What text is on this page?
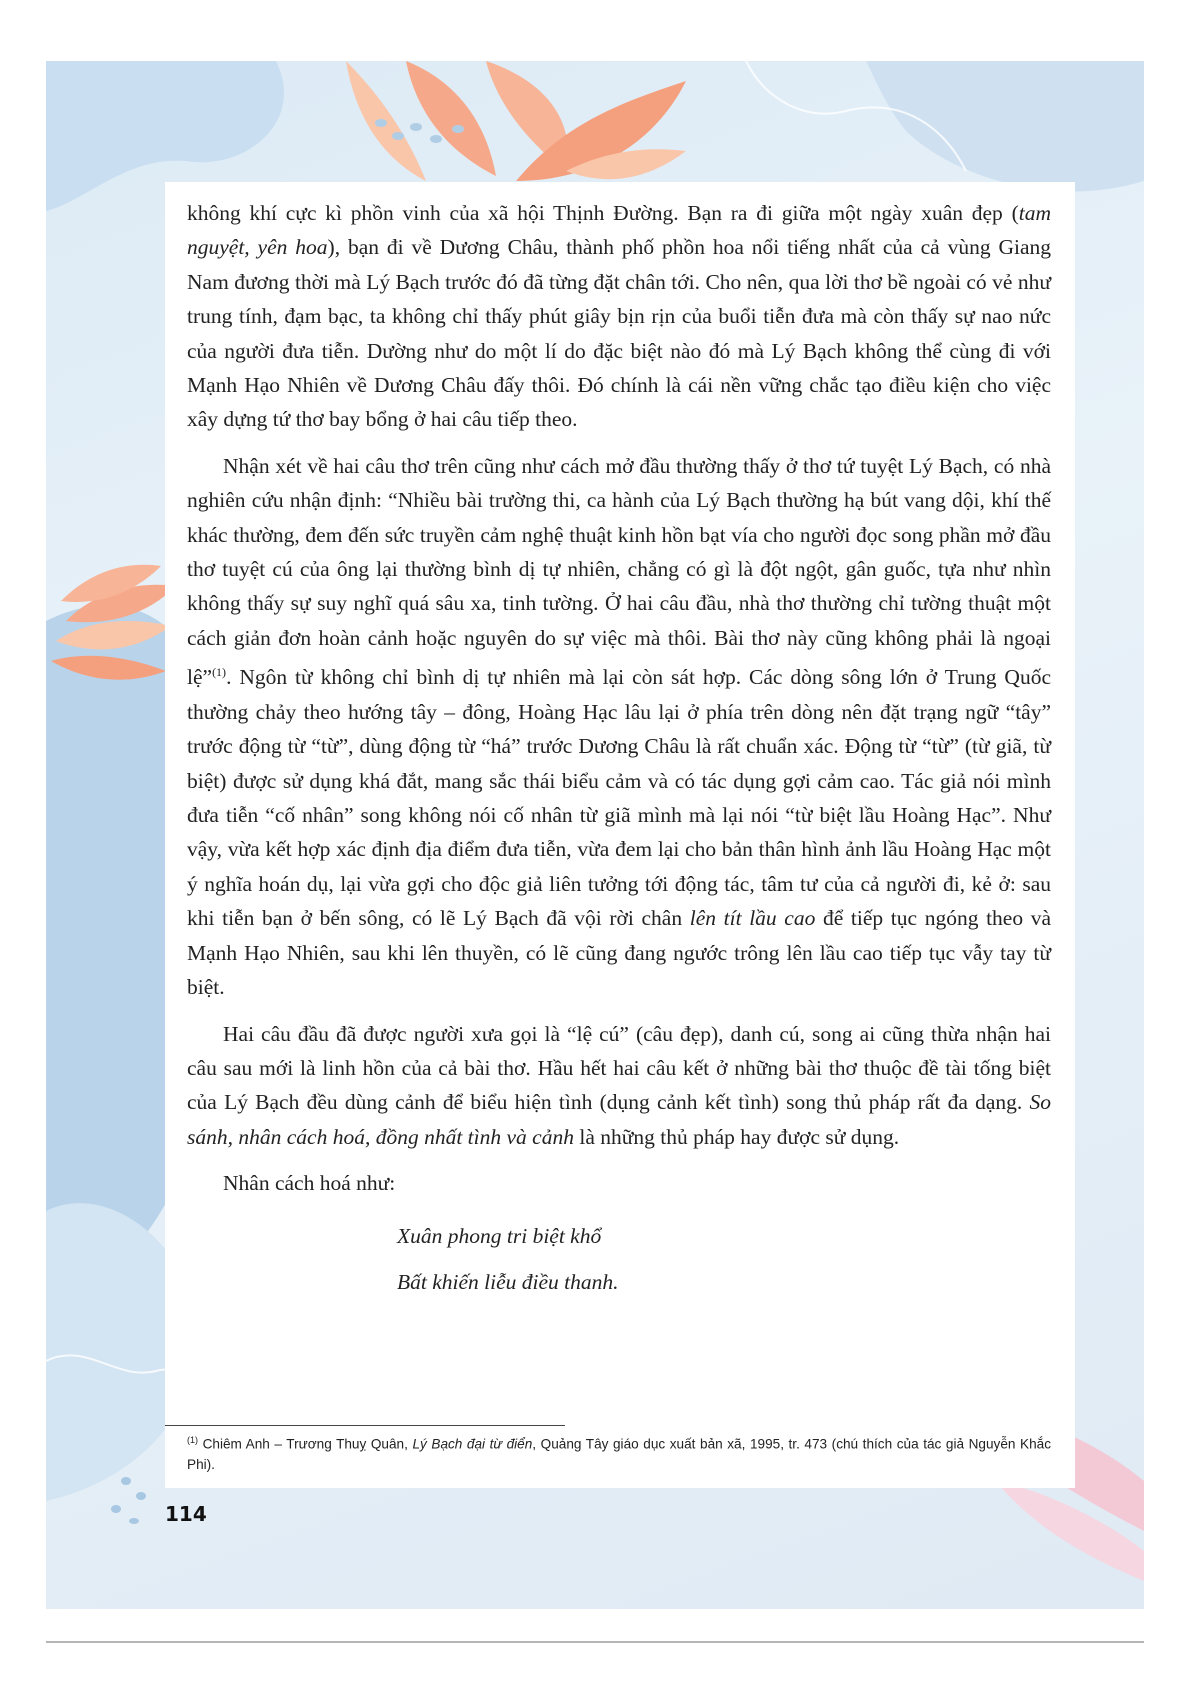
không khí cực kì phồn vinh của xã hội Thịnh Đường. Bạn ra đi giữa một ngày xuân đẹp (tam nguyệt, yên hoa), bạn đi về Dương Châu, thành phố phồn hoa nổi tiếng nhất của cả vùng Giang Nam đương thời mà Lý Bạch trước đó đã từng đặt chân tới. Cho nên, qua lời thơ bề ngoài có vẻ như trung tính, đạm bạc, ta không chỉ thấy phút giây bịn rịn của buổi tiễn đưa mà còn thấy sự nao nức của người đưa tiễn. Dường như do một lí do đặc biệt nào đó mà Lý Bạch không thể cùng đi với Mạnh Hạo Nhiên về Dương Châu đấy thôi. Đó chính là cái nền vững chắc tạo điều kiện cho việc xây dựng tứ thơ bay bổng ở hai câu tiếp theo.

Nhận xét về hai câu thơ trên cũng như cách mở đầu thường thấy ở thơ tứ tuyệt Lý Bạch, có nhà nghiên cứu nhận định: “Nhiều bài trường thi, ca hành của Lý Bạch thường hạ bút vang dội, khí thế khác thường, đem đến sức truyền cảm nghệ thuật kinh hồn bạt vía cho người đọc song phần mở đầu thơ tuyệt cú của ông lại thường bình dị tự nhiên, chẳng có gì là đột ngột, gân guốc, tựa như nhìn không thấy sự suy nghĩ quá sâu xa, tinh tường. Ở hai câu đầu, nhà thơ thường chỉ tường thuật một cách giản đơn hoàn cảnh hoặc nguyên do sự việc mà thôi. Bài thơ này cũng không phải là ngoại lệ”$^{(1)}$. Ngôn từ không chỉ bình dị tự nhiên mà lại còn sát hợp. Các dòng sông lớn ở Trung Quốc thường chảy theo hướng tây – đông, Hoàng Hạc lâu lại ở phía trên dòng nên đặt trạng ngữ “tây” trước động từ “từ”, dùng động từ “há” trước Dương Châu là rất chuẩn xác. Động từ “từ” (từ giã, từ biệt) được sử dụng khá đắt, mang sắc thái biểu cảm và có tác dụng gợi cảm cao. Tác giả nói mình đưa tiễn “cố nhân” song không nói cố nhân từ giã mình mà lại nói “từ biệt lầu Hoàng Hạc”. Như vậy, vừa kết hợp xác định địa điểm đưa tiễn, vừa đem lại cho bản thân hình ảnh lầu Hoàng Hạc một ý nghĩa hoán dụ, lại vừa gợi cho độc giả liên tưởng tới động tác, tâm tư của cả người đi, kẻ ở: sau khi tiễn bạn ở bến sông, có lẽ Lý Bạch đã vội rời chân lên tít lầu cao để tiếp tục ngóng theo và Mạnh Hạo Nhiên, sau khi lên thuyền, có lẽ cũng đang ngước trông lên lầu cao tiếp tục vẫy tay từ biệt.

Hai câu đầu đã được người xưa gọi là “lệ cú” (câu đẹp), danh cú, song ai cũng thừa nhận hai câu sau mới là linh hồn của cả bài thơ. Hầu hết hai câu kết ở những bài thơ thuộc đề tài tống biệt của Lý Bạch đều dùng cảnh để biểu hiện tình (dụng cảnh kết tình) song thủ pháp rất đa dạng. So sánh, nhân cách hoá, đồng nhất tình và cảnh là những thủ pháp hay được sử dụng.

Nhân cách hoá như:

Xuân phong tri biệt khổ
Bất khiến liễu điều thanh.
$^{(1)}$ Chiêm Anh – Trương Thuỵ Quân, Lý Bạch đại từ điển, Quảng Tây giáo dục xuất bản xã, 1995, tr. 473 (chú thích của tác giả Nguyễn Khắc Phi).
114
